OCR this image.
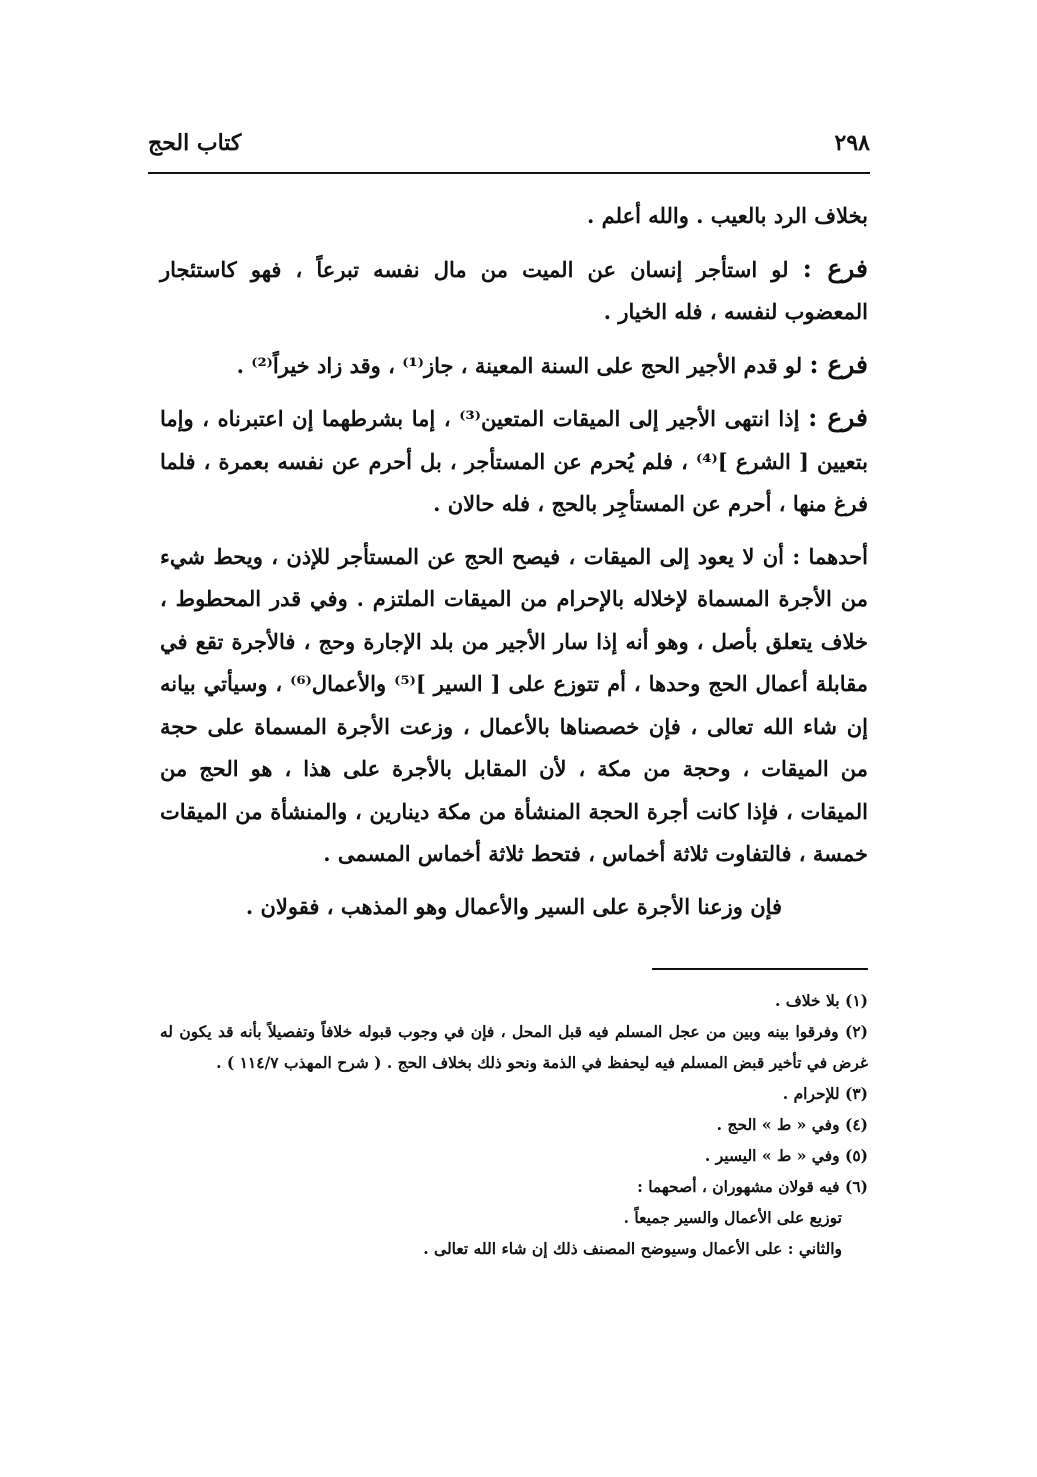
٢٩٨
كتاب الحج

بخلاف الرد بالعيب . والله أعلم .

فرع : لو استأجر إنسان عن الميت من مال نفسه تبرعاً ، فهو كاستئجار المعضوب لنفسه ، فله الخيار .

فرع : لو قدم الأجير الحج على السنة المعينة ، جاز⁽¹⁾ ، وقد زاد خيراً⁽²⁾ .

فرع : إذا انتهى الأجير إلى الميقات المتعين⁽³⁾ ، إما بشرطهما إن اعتبرناه ، وإما بتعيين [ الشرع ]⁽⁴⁾ ، فلم يُحرم عن المستأجر ، بل أحرم عن نفسه بعمرة ، فلما فرغ منها ، أحرم عن المستأجِر بالحج ، فله حالان .

أحدهما : أن لا يعود إلى الميقات ، فيصح الحج عن المستأجر للإذن ، ويحط شيء من الأجرة المسماة لإخلاله بالإحرام من الميقات الملتزم . وفي قدر المحطوط ، خلاف يتعلق بأصل ، وهو أنه إذا سار الأجير من بلد الإجارة وحج ، فالأجرة تقع في مقابلة أعمال الحج وحدها ، أم تتوزع على [ السير ]⁽⁵⁾ والأعمال⁽⁶⁾ ، وسيأتي بيانه إن شاء الله تعالى ، فإن خصصناها بالأعمال ، وزعت الأجرة المسماة على حجة من الميقات ، وحجة من مكة ، لأن المقابل بالأجرة على هذا ، هو الحج من الميقات ، فإذا كانت أجرة الحجة المنشأة من مكة دينارين ، والمنشأة من الميقات خمسة ، فالتفاوت ثلاثة أخماس ، فتحط ثلاثة أخماس المسمى .

فإن وزعنا الأجرة على السير والأعمال وهو المذهب ، فقولان .

(١) بلا خلاف .

(٢) وفرقوا بينه وبين من عجل المسلم فيه قبل المحل ، فإن في وجوب قبوله خلافاً وتفصيلاً بأنه قد يكون له غرض في تأخير قبض المسلم فيه ليحفظ في الذمة ونحو ذلك بخلاف الحج . ( شرح المهذب ١١٤/٧ ) .

(٣) للإحرام .

(٤) وفي « ط » الحج .

(٥) وفي « ط » اليسير .

(٦) فيه قولان مشهوران ، أصحهما :

توزيع على الأعمال والسير جميعاً .

والثاني : على الأعمال وسيوضح المصنف ذلك إن شاء الله تعالى .
